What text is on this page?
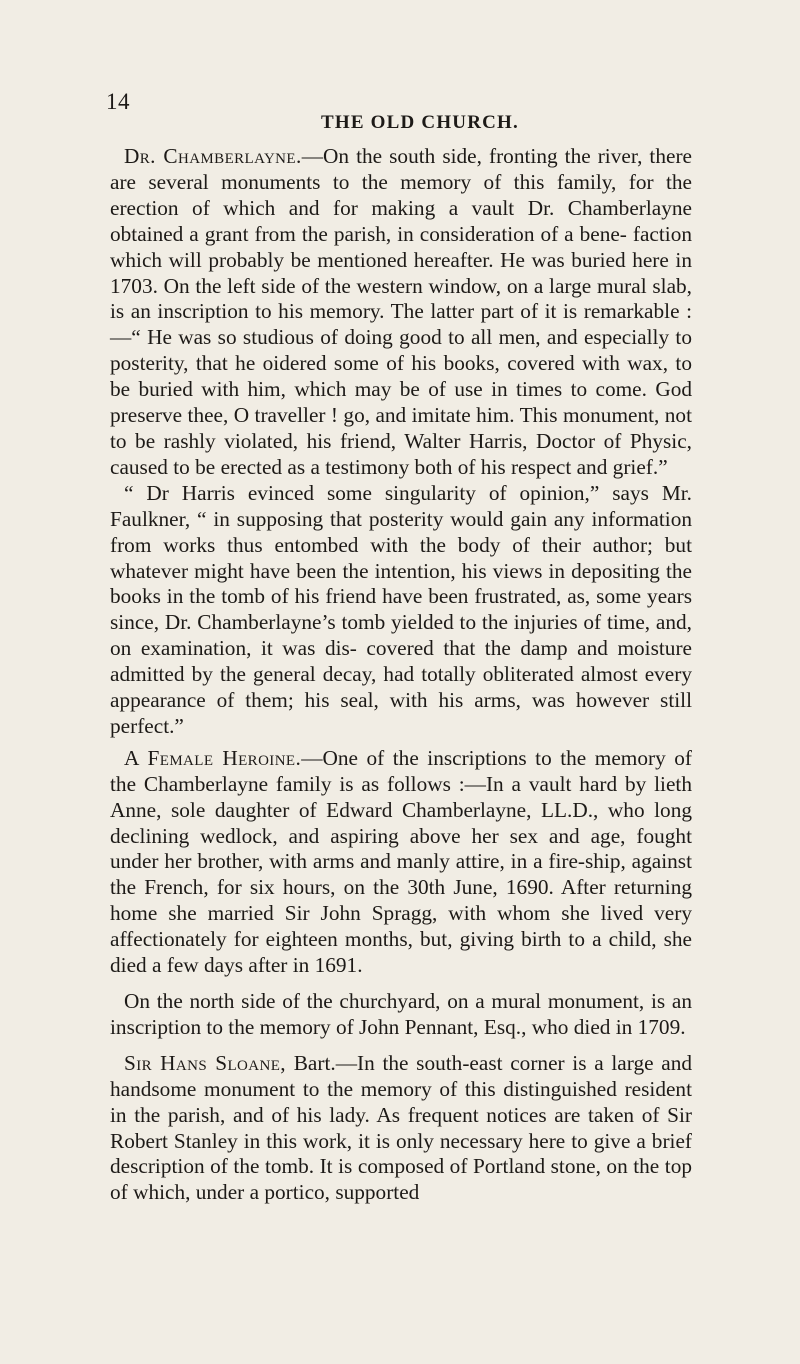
14
THE OLD CHURCH.

Dr. Chamberlayne.—On the south side, fronting the river, there are several monuments to the memory of this family, for the erection of which and for making a vault Dr. Chamberlayne obtained a grant from the parish, in consideration of a bene- faction which will probably be mentioned hereafter. He was buried here in 1703. On the left side of the western window, on a large mural slab, is an inscription to his memory. The latter part of it is remarkable :—“ He was so studious of doing good to all men, and especially to posterity, that he oidered some of his books, covered with wax, to be buried with him, which may be of use in times to come. God preserve thee, O traveller ! go, and imitate him. This monument, not to be rashly violated, his friend, Walter Harris, Doctor of Physic, caused to be erected as a testimony both of his respect and grief.”

“ Dr Harris evinced some singularity of opinion,” says Mr. Faulkner, “ in supposing that posterity would gain any information from works thus entombed with the body of their author; but whatever might have been the intention, his views in depositing the books in the tomb of his friend have been frustrated, as, some years since, Dr. Chamberlayne’s tomb yielded to the injuries of time, and, on examination, it was dis- covered that the damp and moisture admitted by the general decay, had totally obliterated almost every appearance of them; his seal, with his arms, was however still perfect.”

A Female Heroine.—One of the inscriptions to the memory of the Chamberlayne family is as follows :—In a vault hard by lieth Anne, sole daughter of Edward Chamberlayne, LL.D., who long declining wedlock, and aspiring above her sex and age, fought under her brother, with arms and manly attire, in a fire-ship, against the French, for six hours, on the 30th June, 1690. After returning home she married Sir John Spragg, with whom she lived very affectionately for eighteen months, but, giving birth to a child, she died a few days after in 1691.

On the north side of the churchyard, on a mural monument, is an inscription to the memory of John Pennant, Esq., who died in 1709.

Sir Hans Sloane, Bart.—In the south-east corner is a large and handsome monument to the memory of this distinguished resident in the parish, and of his lady. As frequent notices are taken of Sir Robert Stanley in this work, it is only necessary here to give a brief description of the tomb. It is composed of Portland stone, on the top of which, under a portico, supported
